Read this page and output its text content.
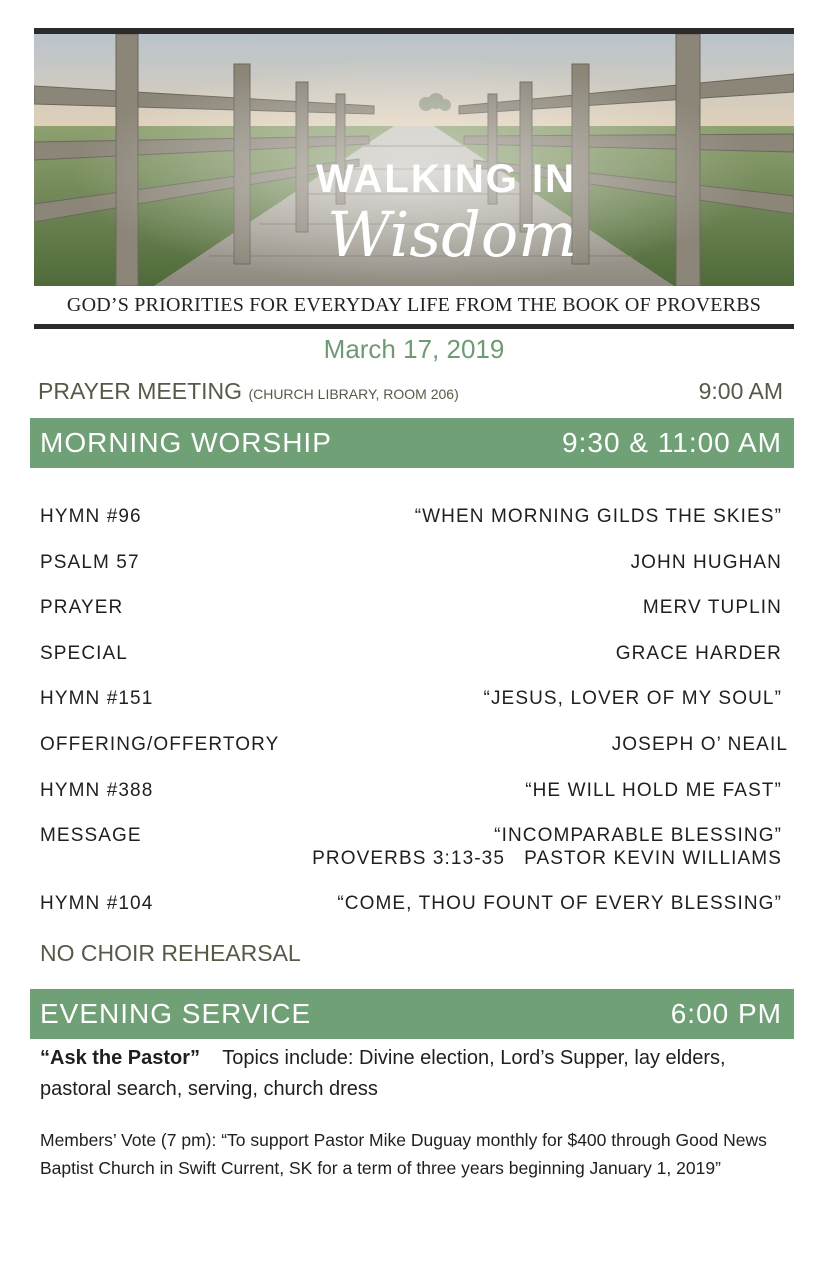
WALKING IN
Wisdom
GOD’S PRIORITIES FOR EVERYDAY LIFE FROM THE BOOK OF PROVERBS
March 17, 2019
PRAYER MEETING (CHURCH LIBRARY, ROOM 206)	9:00 AM
MORNING WORSHIP	9:30 & 11:00 AM
HYMN #96	“WHEN MORNING GILDS THE SKIES”
PSALM 57	JOHN HUGHAN
PRAYER	MERV TUPLIN
SPECIAL	GRACE HARDER
HYMN #151	“JESUS, LOVER OF MY SOUL”
OFFERING/OFFERTORY	JOSEPH O’ NEAIL
HYMN #388	“HE WILL HOLD ME FAST”
MESSAGE	“INCOMPARABLE BLESSING”
PROVERBS 3:13-35   PASTOR KEVIN WILLIAMS
HYMN #104	“COME, THOU FOUNT OF EVERY BLESSING”
NO CHOIR REHEARSAL
EVENING SERVICE	6:00 PM
“Ask the Pastor” Topics include: Divine election, Lord’s Supper, lay elders, pastoral search, serving, church dress
Members’ Vote (7 pm): “To support Pastor Mike Duguay monthly for $400 through Good News Baptist Church in Swift Current, SK for a term of three years beginning January 1, 2019”
